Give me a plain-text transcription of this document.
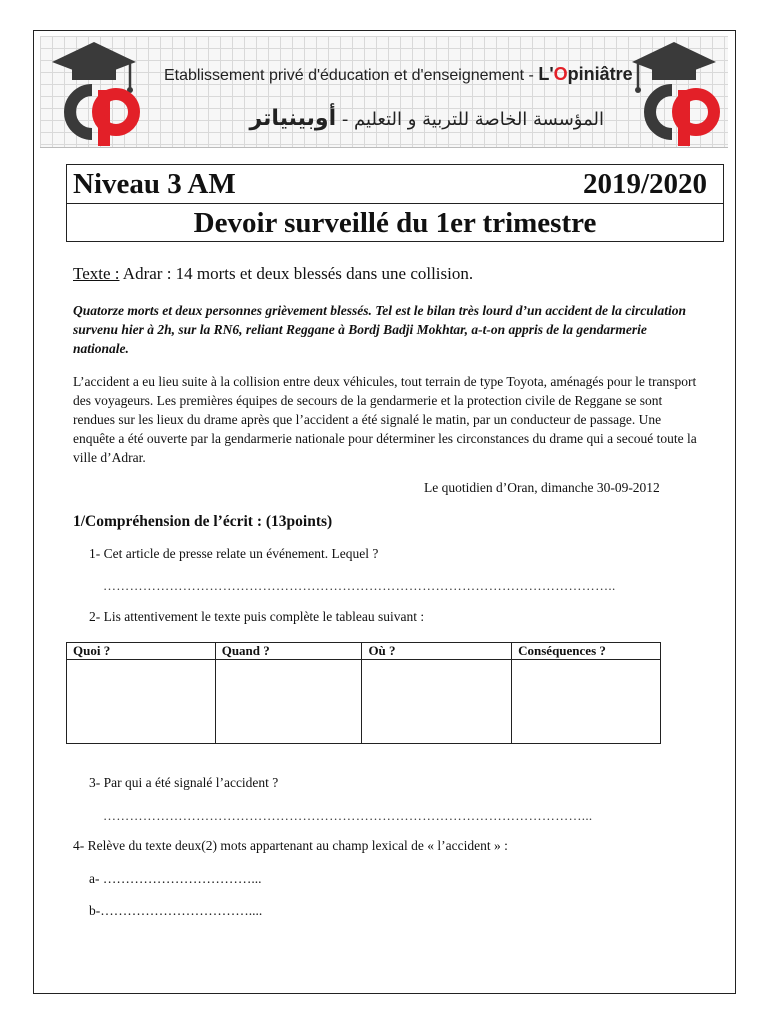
Etablissement privé d'éducation et d'enseignement - L'Opiniâtre
المؤسسة الخاصة للتربية و التعليم - أوبينياتر
Niveau 3 AM	2019/2020
Devoir surveillé du 1er trimestre
Texte : Adrar : 14 morts et deux blessés dans une collision.
Quatorze morts et deux personnes grièvement blessés. Tel est le bilan très lourd d’un accident de la circulation survenu hier à 2h, sur la RN6, reliant Reggane à Bordj Badji Mokhtar, a-t-on appris de la gendarmerie nationale.
L’accident a eu lieu suite à la collision entre deux véhicules, tout terrain de type Toyota, aménagés pour le transport des voyageurs. Les premières équipes de secours de la gendarmerie et la protection civile de Reggane se sont rendues sur les lieux du drame après que l’accident a été signalé le matin, par un conducteur de passage. Une enquête a été ouverte par la gendarmerie nationale pour déterminer les circonstances du drame qui a secoué toute la ville d’Adrar.
Le quotidien d’Oran, dimanche 30-09-2012
1/Compréhension de l’écrit : (13points)
1- Cet article de presse relate un événement. Lequel ?
……………………………………………………………………………………………………..
2- Lis attentivement le texte puis complète le tableau suivant :
Quoi ?	Quand ?	Où ?	Conséquences ?

3- Par qui a été signalé l’accident ?
………………………………………………………………………………………………...
4- Relève du texte deux(2) mots appartenant au champ lexical de « l’accident » :
a- ……………………………...
b-……………………………....
